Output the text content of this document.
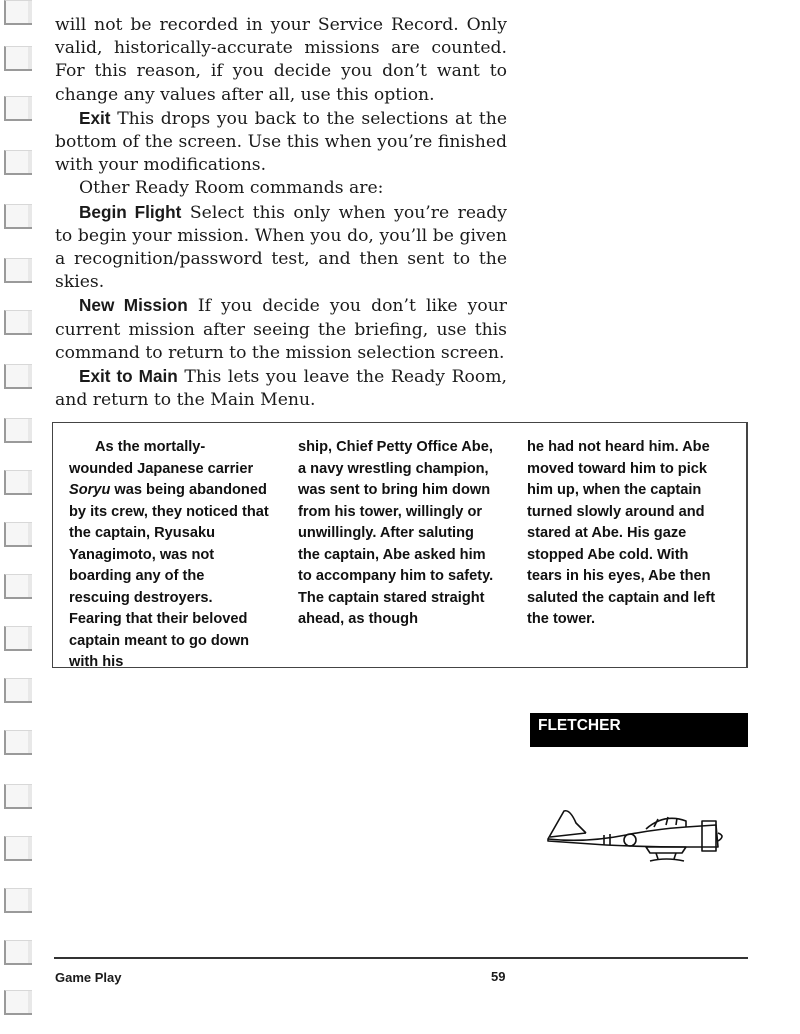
will not be recorded in your Service Record. Only valid, historically-accurate missions are counted. For this reason, if you decide you don’t want to change any values after all, use this option.

Exit This drops you back to the selections at the bottom of the screen. Use this when you’re finished with your modifications.

Other Ready Room commands are:

Begin Flight Select this only when you’re ready to begin your mission. When you do, you’ll be given a recognition/password test, and then sent to the skies.

New Mission If you decide you don’t like your current mission after seeing the briefing, use this command to return to the mission selection screen.

Exit to Main This lets you leave the Ready Room, and return to the Main Menu.

As the mortally-wounded Japanese carrier Soryu was being abandoned by its crew, they noticed that the captain, Ryusaku Yanagimoto, was not boarding any of the rescuing destroyers. Fearing that their beloved captain meant to go down with his

ship, Chief Petty Office Abe, a navy wrestling champion, was sent to bring him down from his tower, willingly or unwillingly. After saluting the captain, Abe asked him to accompany him to safety. The captain stared straight ahead, as though

he had not heard him. Abe moved toward him to pick him up, when the captain turned slowly around and stared at Abe. His gaze stopped Abe cold. With tears in his eyes, Abe then saluted the captain and left the tower.

FLETCHER
Game Play	59
